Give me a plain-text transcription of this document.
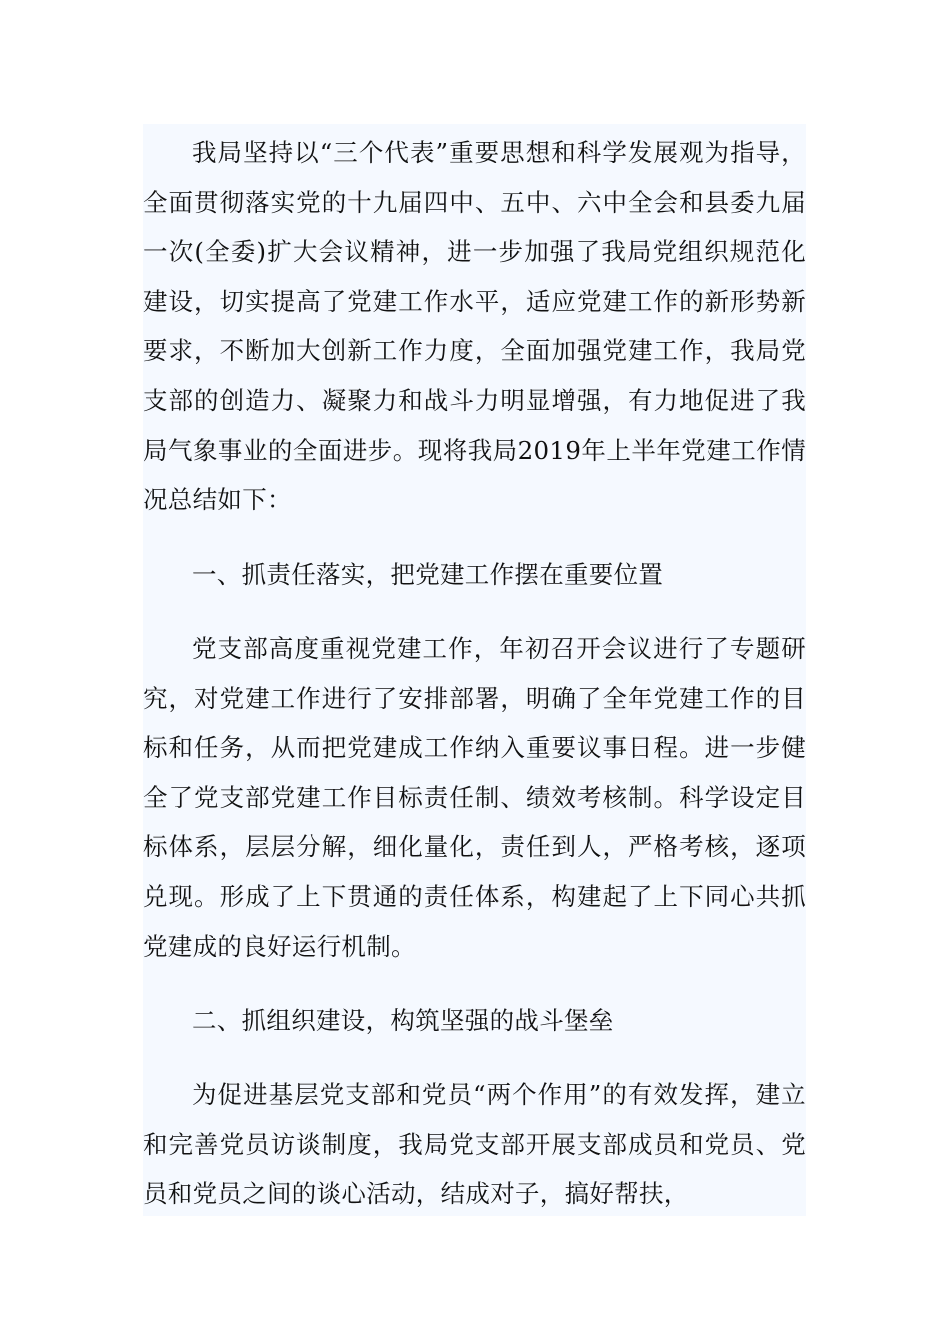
我局坚持以“三个代表”重要思想和科学发展观为指导，全面贯彻落实党的十九届四中、五中、六中全会和县委九届一次(全委)扩大会议精神，进一步加强了我局党组织规范化建设，切实提高了党建工作水平，适应党建工作的新形势新要求，不断加大创新工作力度，全面加强党建工作，我局党支部的创造力、凝聚力和战斗力明显增强，有力地促进了我局气象事业的全面进步。现将我局2019年上半年党建工作情况总结如下：

一、抓责任落实，把党建工作摆在重要位置

党支部高度重视党建工作，年初召开会议进行了专题研究，对党建工作进行了安排部署，明确了全年党建工作的目标和任务，从而把党建成工作纳入重要议事日程。进一步健全了党支部党建工作目标责任制、绩效考核制。科学设定目标体系，层层分解，细化量化，责任到人，严格考核，逐项兑现。形成了上下贯通的责任体系，构建起了上下同心共抓党建成的良好运行机制。

二、抓组织建设，构筑坚强的战斗堡垒

为促进基层党支部和党员“两个作用”的有效发挥，建立和完善党员访谈制度，我局党支部开展支部成员和党员、党员和党员之间的谈心活动，结成对子，搞好帮扶，
